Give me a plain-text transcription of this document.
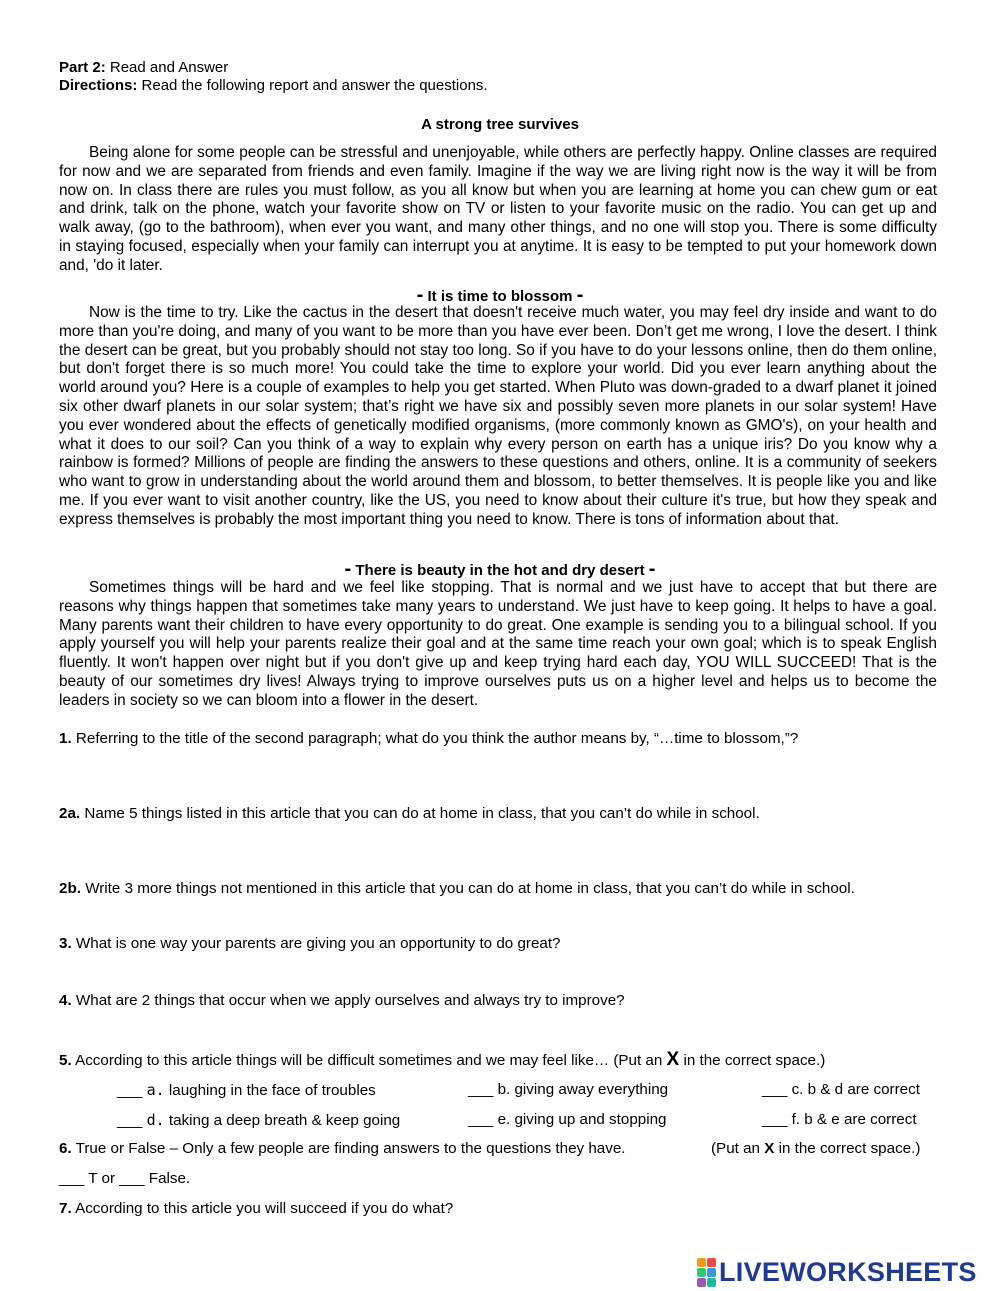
Part 2: Read and Answer
Directions: Read the following report and answer the questions.
A strong tree survives

Being alone for some people can be stressful and unenjoyable, while others are perfectly happy. Online classes are required for now and we are separated from friends and even family. Imagine if the way we are living right now is the way it will be from now on. In class there are rules you must follow, as you all know but when you are learning at home you can chew gum or eat and drink, talk on the phone, watch your favorite show on TV or listen to your favorite music on the radio. You can get up and walk away, (go to the bathroom), when ever you want, and many other things, and no one will stop you. There is some difficulty in staying focused, especially when your family can interrupt you at anytime. It is easy to be tempted to put your homework down and, 'do it later.

- It is time to blossom -

Now is the time to try. Like the cactus in the desert that doesn't receive much water, you may feel dry inside and want to do more than you're doing, and many of you want to be more than you have ever been. Don’t get me wrong, I love the desert. I think the desert can be great, but you probably should not stay too long. So if you have to do your lessons online, then do them online, but don't forget there is so much more! You could take the time to explore your world. Did you ever learn anything about the world around you? Here is a couple of examples to help you get started. When Pluto was down-graded to a dwarf planet it joined six other dwarf planets in our solar system; that’s right we have six and possibly seven more planets in our solar system! Have you ever wondered about the effects of genetically modified organisms, (more commonly known as GMO's), on your health and what it does to our soil? Can you think of a way to explain why every person on earth has a unique iris? Do you know why a rainbow is formed? Millions of people are finding the answers to these questions and others, online. It is a community of seekers who want to grow in understanding about the world around them and blossom, to better themselves. It is people like you and like me. If you ever want to visit another country, like the US, you need to know about their culture it's true, but how they speak and express themselves is probably the most important thing you need to know. There is tons of information about that.

- There is beauty in the hot and dry desert -

Sometimes things will be hard and we feel like stopping. That is normal and we just have to accept that but there are reasons why things happen that sometimes take many years to understand. We just have to keep going. It helps to have a goal. Many parents want their children to have every opportunity to do great. One example is sending you to a bilingual school. If you apply yourself you will help your parents realize their goal and at the same time reach your own goal; which is to speak English fluently. It won't happen over night but if you don't give up and keep trying hard each day, YOU WILL SUCCEED! That is the beauty of our sometimes dry lives! Always trying to improve ourselves puts us on a higher level and helps us to become the leaders in society so we can bloom into a flower in the desert.

1. Referring to the title of the second paragraph; what do you think the author means by, “…time to blossom,”?
2a. Name 5 things listed in this article that you can do at home in class, that you can’t do while in school.
2b. Write 3 more things not mentioned in this article that you can do at home in class, that you can’t do while in school.
3. What is one way your parents are giving you an opportunity to do great?
4. What are 2 things that occur when we apply ourselves and always try to improve?
5. According to this article things will be difficult sometimes and we may feel like… (Put an X in the correct space.)
___ a. laughing in the face of troubles	___ b. giving away everything	___ c. b & d are correct
___ d. taking a deep breath & keep going	___ e. giving up and stopping	___ f. b & e are correct
6. True or False – Only a few people are finding answers to the questions they have.	(Put an X in the correct space.)
___ T or ___ False.
7. According to this article you will succeed if you do what?
LIVEWORKSHEETS
